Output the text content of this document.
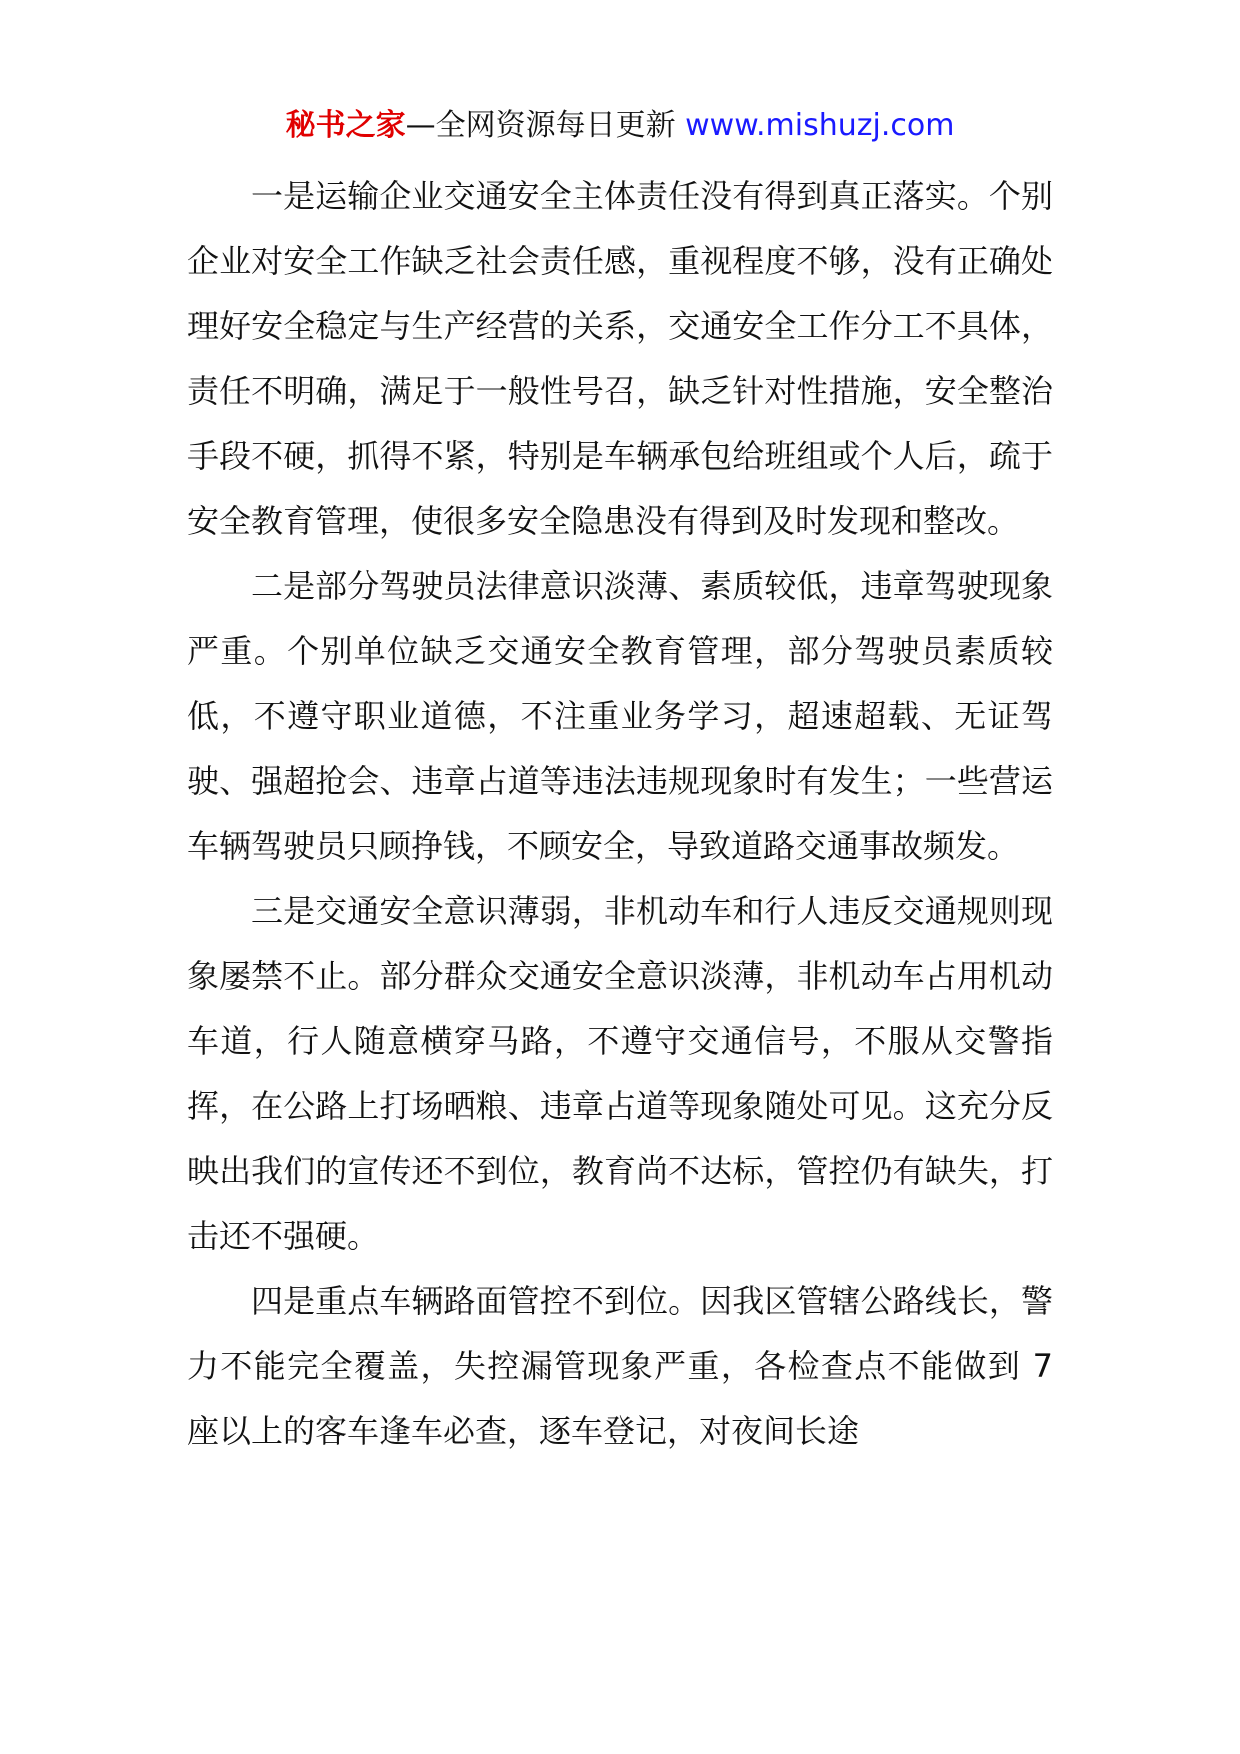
秘书之家—全网资源每日更新 www.mishuzj.com

一是运输企业交通安全主体责任没有得到真正落实。个别企业对安全工作缺乏社会责任感，重视程度不够，没有正确处理好安全稳定与生产经营的关系，交通安全工作分工不具体，责任不明确，满足于一般性号召，缺乏针对性措施，安全整治手段不硬，抓得不紧，特别是车辆承包给班组或个人后，疏于安全教育管理，使很多安全隐患没有得到及时发现和整改。

二是部分驾驶员法律意识淡薄、素质较低，违章驾驶现象严重。个别单位缺乏交通安全教育管理，部分驾驶员素质较低，不遵守职业道德，不注重业务学习，超速超载、无证驾驶、强超抢会、违章占道等违法违规现象时有发生；一些营运车辆驾驶员只顾挣钱，不顾安全，导致道路交通事故频发。

三是交通安全意识薄弱，非机动车和行人违反交通规则现象屡禁不止。部分群众交通安全意识淡薄，非机动车占用机动车道，行人随意横穿马路，不遵守交通信号，不服从交警指挥，在公路上打场晒粮、违章占道等现象随处可见。这充分反映出我们的宣传还不到位，教育尚不达标，管控仍有缺失，打击还不强硬。

四是重点车辆路面管控不到位。因我区管辖公路线长，警力不能完全覆盖，失控漏管现象严重，各检查点不能做到 7 座以上的客车逢车必查，逐车登记，对夜间长途
